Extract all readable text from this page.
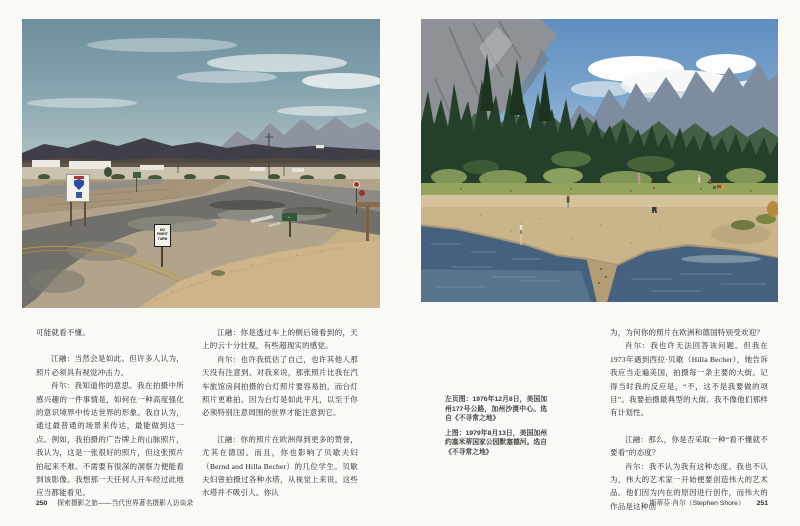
NO RIGHT TURN
←

可能就看不懂。

江融：当然会是如此。但许多人认为，照片必须具有视觉冲击力。

肖尔：我知道你的意思。我在拍摄中所感兴趣的一件事情是，如何在一种高度强化的意识境界中传达世界的形象。我自认为，通过最普通的场景来传达，最能做到这一点。例如，我拍摄的广告牌上的山脉照片，我认为，这是一张很好的照片，但这张照片拍起来不难。不需要有很深的洞察力便能看到该影像。我想那一天任何人开车经过此地应当都能看见。

江融：你是透过车上的侧后镜看到的，天上的云十分壮观，有些超现实的感觉。

肖尔：也许我低估了自己，也许其他人那天没有注意到。对我来说，那张照片比我在汽车旅馆房间拍摄的台灯照片要容易拍，而台灯照片更难拍。因为台灯是如此平凡，以至于你必须特别注意周围的世界才能注意到它。

江融：你的照片在欧洲得到更多的赞誉，尤其在德国。而且，你也影响了贝歇夫妇（Bernd and Hilla Becher）的几位学生。贝歇夫妇曾拍摄过各种水塔，从视觉上来说，这些水塔并不吸引人。你认

左页图：1976年12月8日，美国加州177号公路，加州沙漠中心。选自《不寻常之地》

上图：1979年8月13日，美国加州约塞米蒂国家公园默塞德河。选自《不寻常之地》

为，为何你的照片在欧洲和德国特别受欢迎？

肖尔：我也许无法回答该问题。但我在1973年遇到西拉·贝歇（Hilla Becher），她告诉我应当走遍美国，拍摄每一条主要的大街。记得当时我的反应是，“不，这不是我要做的项目”。我要拍摄最典型的大街。我不像他们那样有计划性。

江融：那么，你是否采取一种“看不懂就不要看”的态度？

肖尔：我不认为我有这种态度。我也不认为，伟大的艺术家一开始便要创造伟大的艺术品。他们因为内在的原因进行创作，而伟大的作品是这种创

250 探索摄影之旅——当代世界著名摄影人访谈录	斯蒂芬·肖尔（Stephen Shore） 251
